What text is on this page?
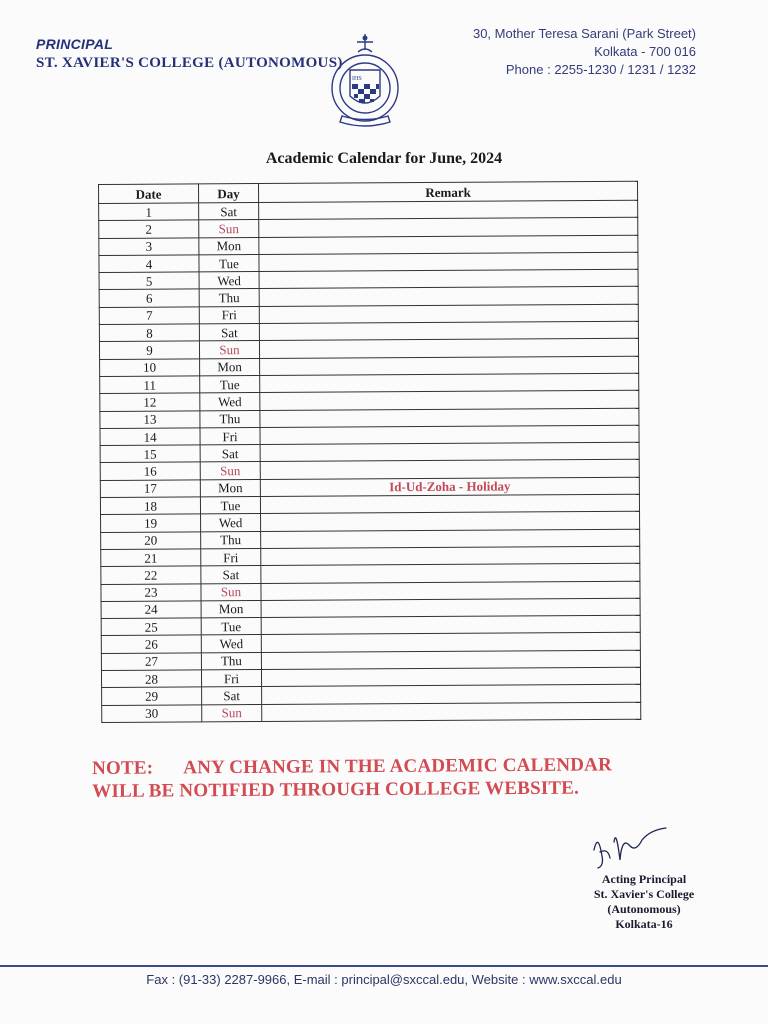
PRINCIPAL
ST. XAVIER'S COLLEGE (AUTONOMOUS)
IHS
30, Mother Teresa Sarani (Park Street)
Kolkata - 700 016
Phone : 2255-1230 / 1231 / 1232
Academic Calendar for June, 2024
Date	Day	Remark
1	Sat	
2	Sun	
3	Mon	
4	Tue	
5	Wed	
6	Thu	
7	Fri	
8	Sat	
9	Sun	
10	Mon	
11	Tue	
12	Wed	
13	Thu	
14	Fri	
15	Sat	
16	Sun	
17	Mon	Id-Ud-Zoha - Holiday
18	Tue	
19	Wed	
20	Thu	
21	Fri	
22	Sat	
23	Sun	
24	Mon	
25	Tue	
26	Wed	
27	Thu	
28	Fri	
29	Sat	
30	Sun	
NOTE: ANY CHANGE IN THE ACADEMIC CALENDAR
WILL BE NOTIFIED THROUGH COLLEGE WEBSITE.
Acting Principal
St. Xavier's College
(Autonomous)
Kolkata-16
Fax : (91-33) 2287-9966, E-mail : principal@sxccal.edu, Website : www.sxccal.edu
